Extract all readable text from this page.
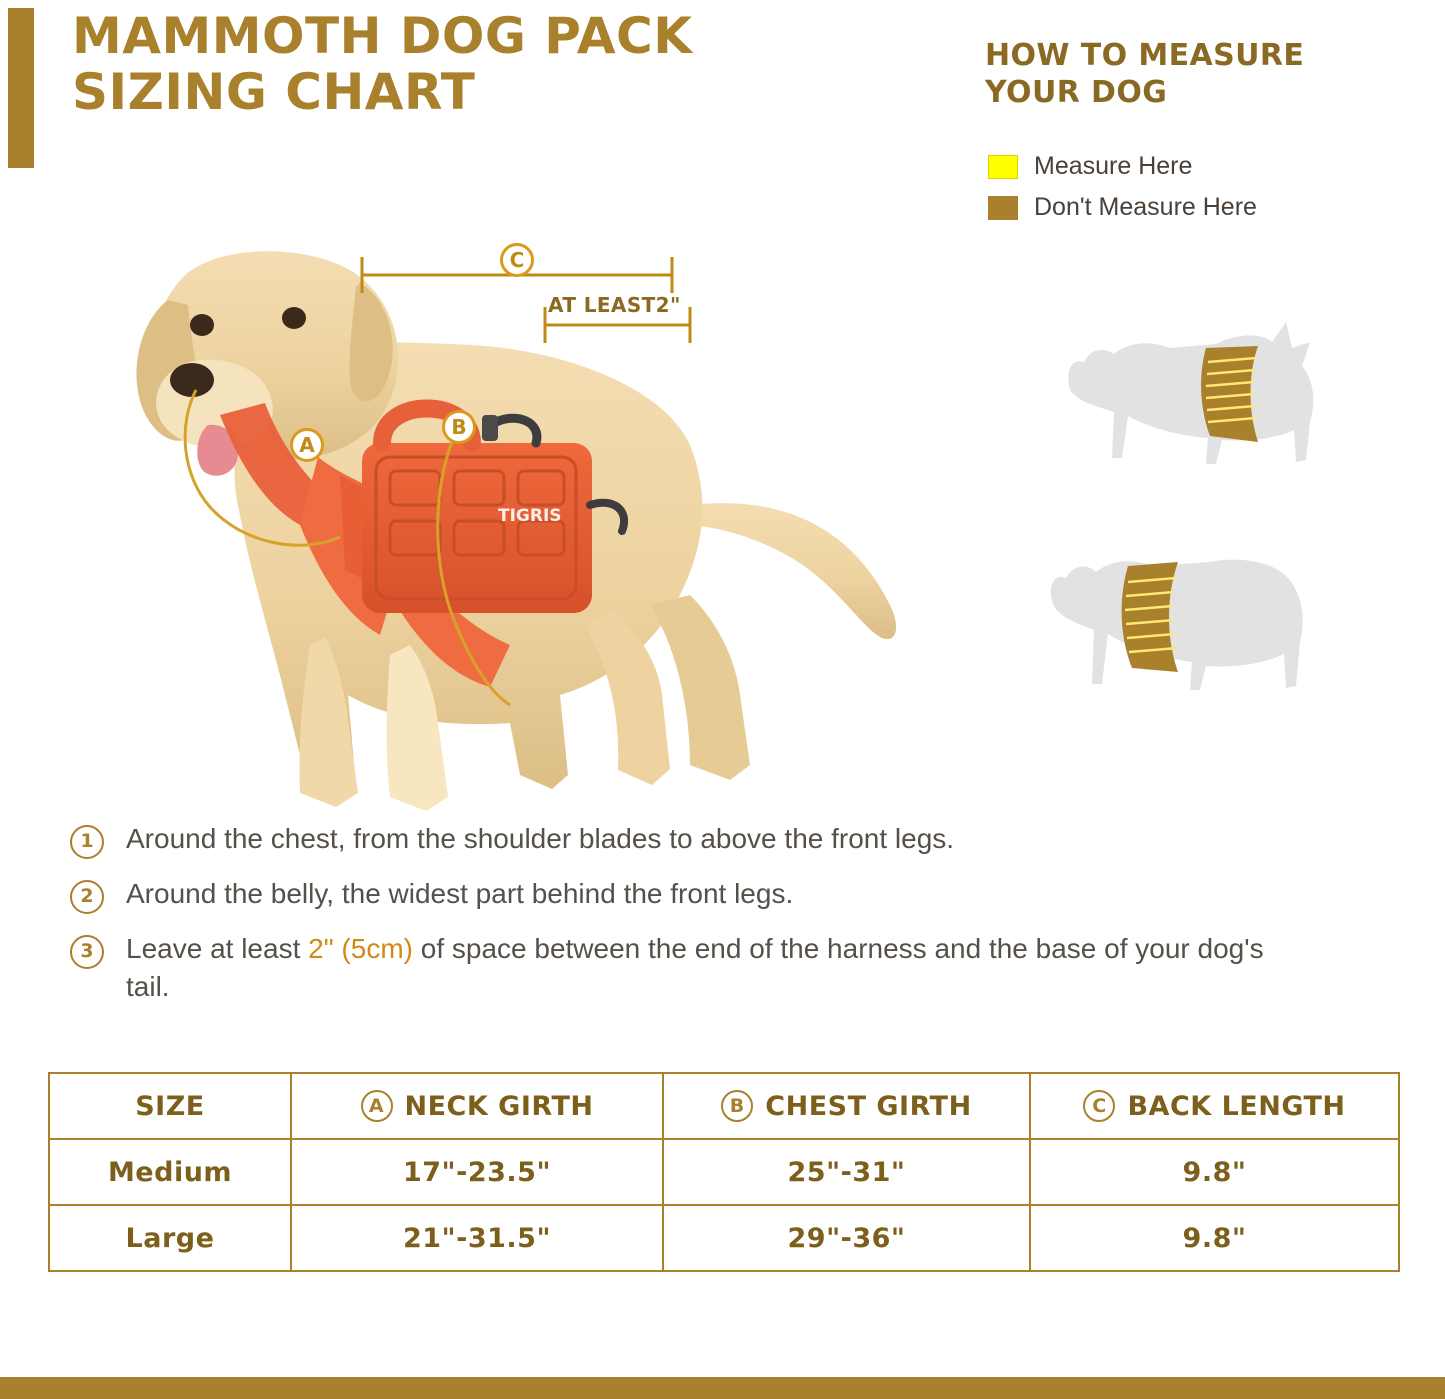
MAMMOTH DOG PACK
SIZING CHART
HOW TO MEASURE
YOUR DOG
Measure Here
Don't Measure Here
TIGRIS
A
B
C
AT LEAST2"
1	Around the chest, from the shoulder blades to above the front legs.
2	Around the belly, the widest part behind the front legs.
3	Leave at least 2" (5cm) of space between the end of the harness and the base of your dog's tail.
SIZE	A NECK GIRTH	B CHEST GIRTH	C BACK LENGTH

Medium	17"-23.5"	25"-31"	9.8"
Large	21"-31.5"	29"-36"	9.8"
